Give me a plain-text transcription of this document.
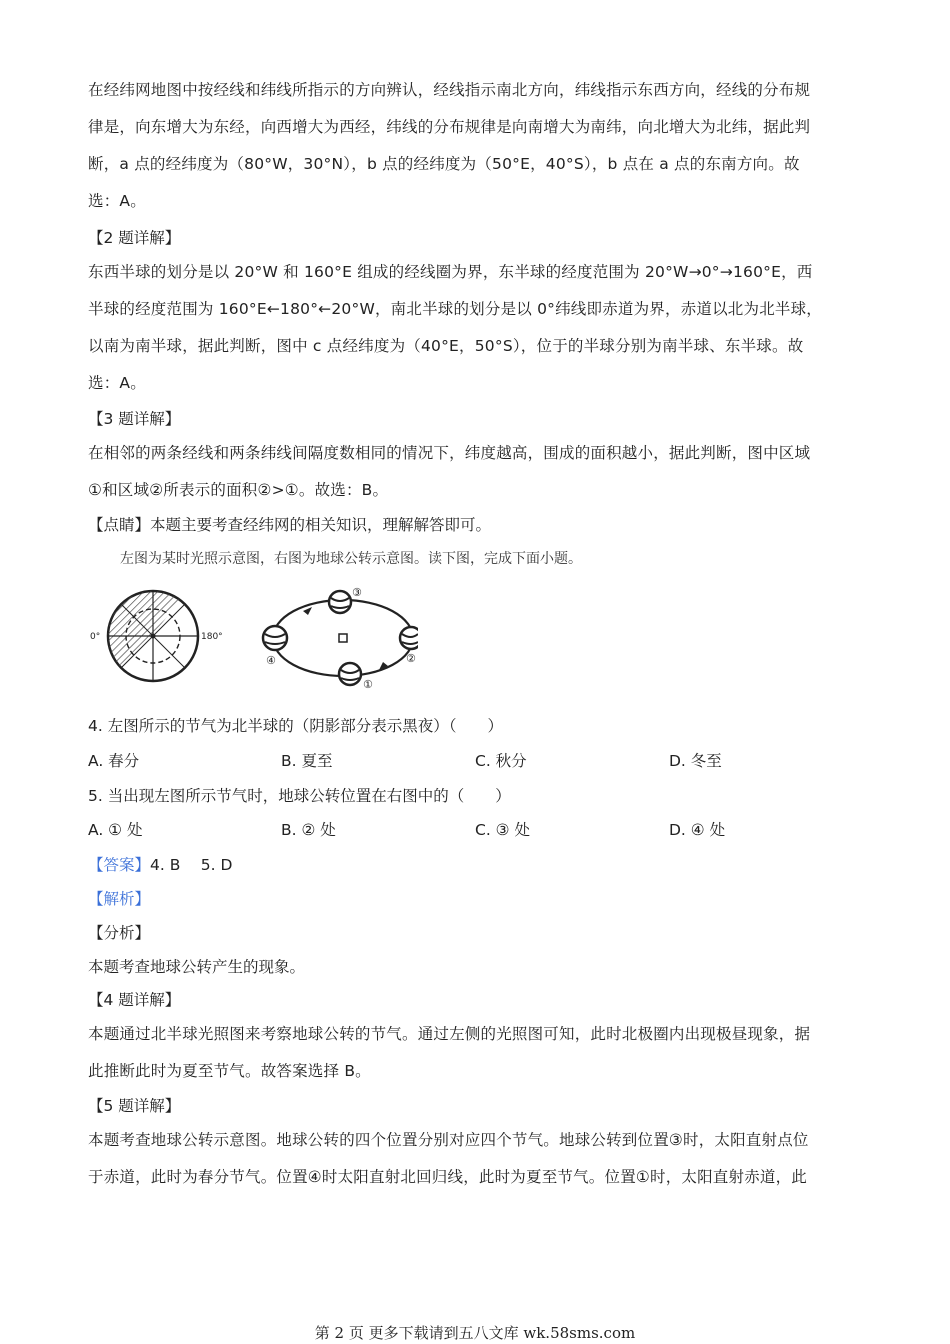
在经纬网地图中按经线和纬线所指示的方向辨认，经线指示南北方向，纬线指示东西方向，经线的分布规
律是，向东增大为东经，向西增大为西经，纬线的分布规律是向南增大为南纬，向北增大为北纬，据此判
断，a 点的经纬度为（80°W，30°N），b 点的经纬度为（50°E，40°S），b 点在 a 点的东南方向。故
选：A。
【2 题详解】
东西半球的划分是以 20°W 和 160°E 组成的经线圈为界，东半球的经度范围为 20°W→0°→160°E，西
半球的经度范围为 160°E←180°←20°W，南北半球的划分是以 0°纬线即赤道为界，赤道以北为北半球，
以南为南半球，据此判断，图中 c 点经纬度为（40°E，50°S），位于的半球分别为南半球、东半球。故
选：A。
【3 题详解】
在相邻的两条经线和两条纬线间隔度数相同的情况下，纬度越高，围成的面积越小，据此判断，图中区域
①和区域②所表示的面积②>①。故选：B。
【点睛】本题主要考查经纬网的相关知识，理解解答即可。
左图为某时光照示意图，右图为地球公转示意图。读下图，完成下面小题。
0°	180°
③
①
④	②
4. 左图所示的节气为北半球的（阴影部分表示黑夜）（　　）
A. 春分	B. 夏至	C. 秋分	D. 冬至
5. 当出现左图所示节气时，地球公转位置在右图中的（　　）
A. ① 处	B. ② 处	C. ③ 处	D. ④ 处
【答案】4. B　 5. D
【解析】
【分析】
本题考查地球公转产生的现象。
【4 题详解】
本题通过北半球光照图来考察地球公转的节气。通过左侧的光照图可知，此时北极圈内出现极昼现象，据
此推断此时为夏至节气。故答案选择 B。
【5 题详解】
本题考查地球公转示意图。地球公转的四个位置分别对应四个节气。地球公转到位置③时，太阳直射点位
于赤道，此时为春分节气。位置④时太阳直射北回归线，此时为夏至节气。位置①时，太阳直射赤道，此
第 2 页 更多下载请到五八文库 wk.58sms.com
